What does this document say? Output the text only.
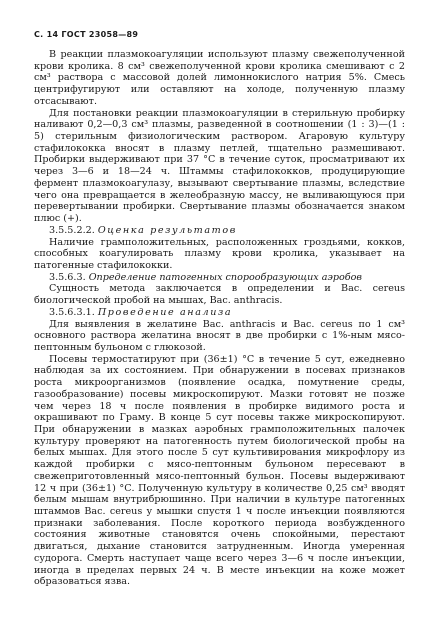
С. 14 ГОСТ 23058—89

В реакции плазмокоагуляции используют плазму свежеполученной крови кролика. 8 см³ свежеполученной крови кролика смешивают с 2 см³ раствора с массовой долей лимоннокислого натрия 5%. Смесь центрифугируют или оставляют на холоде, полученную плазму отсасывают.

Для постановки реакции плазмокоагуляции в стерильную пробирку наливают 0,2—0,3 см³ плазмы, разведенной в соотношении (1 : 3)—(1 : 5) стерильным физиологическим раствором. Агаровую культуру стафилококка вносят в плазму петлей, тщательно размешивают. Пробирки выдерживают при 37 °С в течение суток, просматривают их через 3—6 и 18—24 ч. Штаммы стафилококков, продуцирующие фермент плазмокоагулазу, вызывают свертывание плазмы, вследствие чего она превращается в желеобразную массу, не выливающуюся при перевертывании пробирки. Свертывание плазмы обозначается знаком плюс (+).

3.5.5.2.2. Оценка результатов

Наличие грамположительных, расположенных гроздьями, кокков, способных коагулировать плазму крови кролика, указывает на патогенные стафилококки.

3.5.6.3. Определение патогенных спорообразующих аэробов

Сущность метода заключается в определении и Bac. cereus биологической пробой на мышах, Bac. anthracis.

3.5.6.3.1. Проведение анализа

Для выявления в желатине Bac. anthracis и Bac. cereus по 1 см³ основного раствора желатина вносят в две пробирки с 1%-ным мясо-пептонным бульоном с глюкозой.

Посевы термостатируют при (36±1) °С в течение 5 сут, ежедневно наблюдая за их состоянием. При обнаружении в посевах признаков роста микроорганизмов (появление осадка, помутнение среды, газообразование) посевы микроскопируют. Мазки готовят не позже чем через 18 ч после появления в пробирке видимого роста и окрашивают по Граму. В конце 5 сут посевы также микроскопируют. При обнаружении в мазках аэробных грамположительных палочек культуру проверяют на патогенность путем биологической пробы на белых мышах. Для этого после 5 сут культивирования микрофлору из каждой пробирки с мясо-пептонным бульоном пересевают в свежеприготовленный мясо-пептонный бульон. Посевы выдерживают 12 ч при (36±1) °С. Полученную культуру в количестве 0,25 см³ вводят белым мышам внутрибрюшинно. При наличии в культуре патогенных штаммов Bac. cereus у мышки спустя 1 ч после инъекции появляются признаки заболевания. После короткого периода возбужденного состояния животные становятся очень спокойными, перестают двигаться, дыхание становится затрудненным. Иногда умеренная судорога. Смерть наступает чаще всего через 3—6 ч после инъекции, иногда в пределах первых 24 ч. В месте инъекции на коже может образоваться язва.
